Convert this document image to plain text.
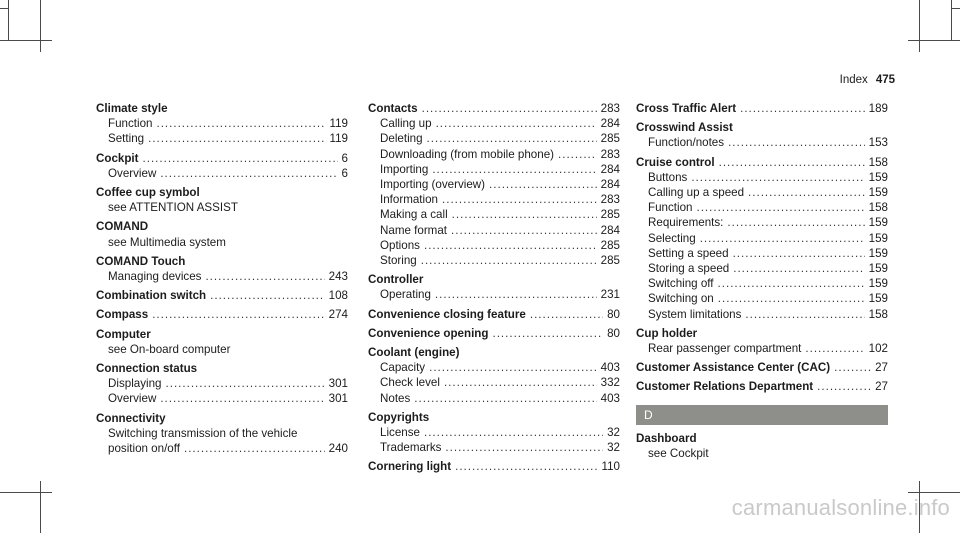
Index 475
Climate style
Function .....	119
Setting .....	119
Cockpit .....	6
Overview .....	6
Coffee cup symbol
see ATTENTION ASSIST
COMAND
see Multimedia system
COMAND Touch
Managing devices .....	243
Combination switch .....	108
Compass .....	274
Computer
see On-board computer
Connection status
Displaying .....	301
Overview .....	301
Connectivity
Switching transmission of the vehicle
position on/off .....	240
Contacts .....	283
Calling up .....	284
Deleting .....	285
Downloading (from mobile phone) .....	283
Importing .....	284
Importing (overview) .....	284
Information .....	283
Making a call .....	285
Name format .....	284
Options .....	285
Storing .....	285
Controller
Operating .....	231
Convenience closing feature .....	80
Convenience opening .....	80
Coolant (engine)
Capacity .....	403
Check level .....	332
Notes .....	403
Copyrights
License .....	32
Trademarks .....	32
Cornering light .....	110
Cross Traffic Alert .....	189
Crosswind Assist
Function/notes .....	153
Cruise control .....	158
Buttons .....	159
Calling up a speed .....	159
Function .....	158
Requirements: .....	159
Selecting .....	159
Setting a speed .....	159
Storing a speed .....	159
Switching off .....	159
Switching on .....	159
System limitations .....	158
Cup holder
Rear passenger compartment .....	102
Customer Assistance Center (CAC) .....	27
Customer Relations Department .....	27
D
Dashboard
see Cockpit
carmanualsonline.info
